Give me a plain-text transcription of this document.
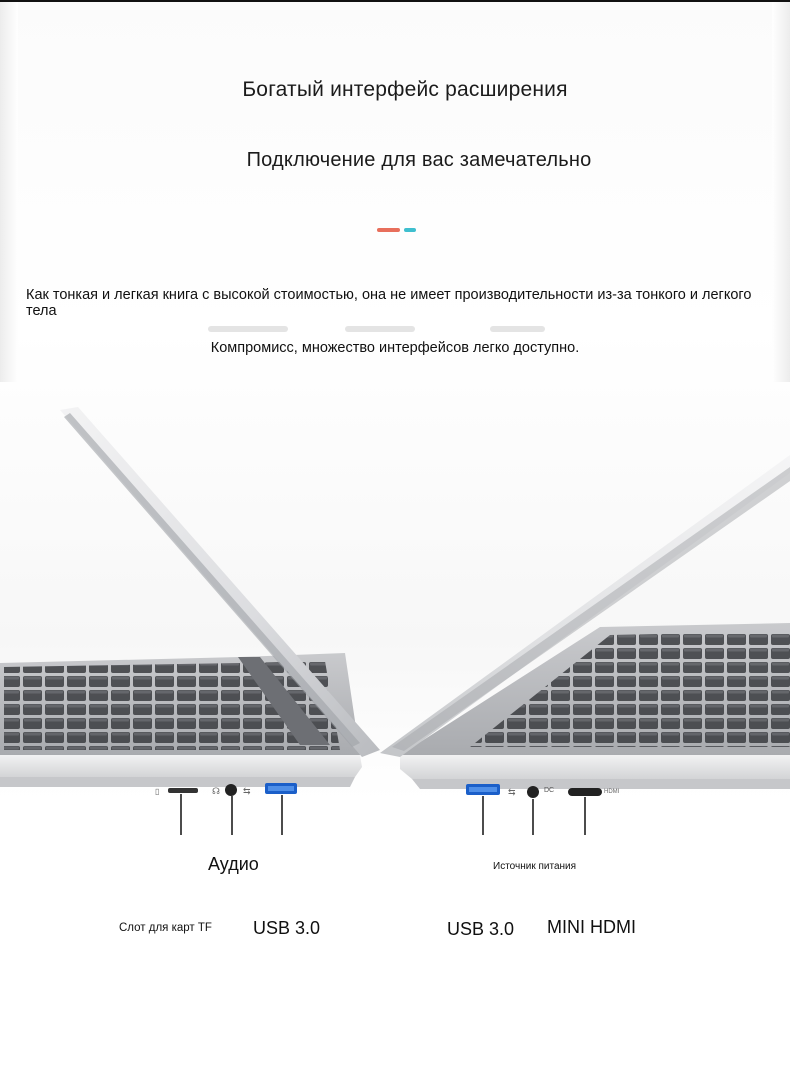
Богатый интерфейс расширения
Подключение для вас замечательно
Как тонкая и легкая книга с высокой стоимостью, она не имеет производительности из-за тонкого и легкого тела
Компромисс, множество интерфейсов легко доступно.
▯	☊	⇆	⇆	DC	HDMI
Аудио
Слот для карт TF USB 3.0
Источник питания
USB 3.0 MINI HDMI
